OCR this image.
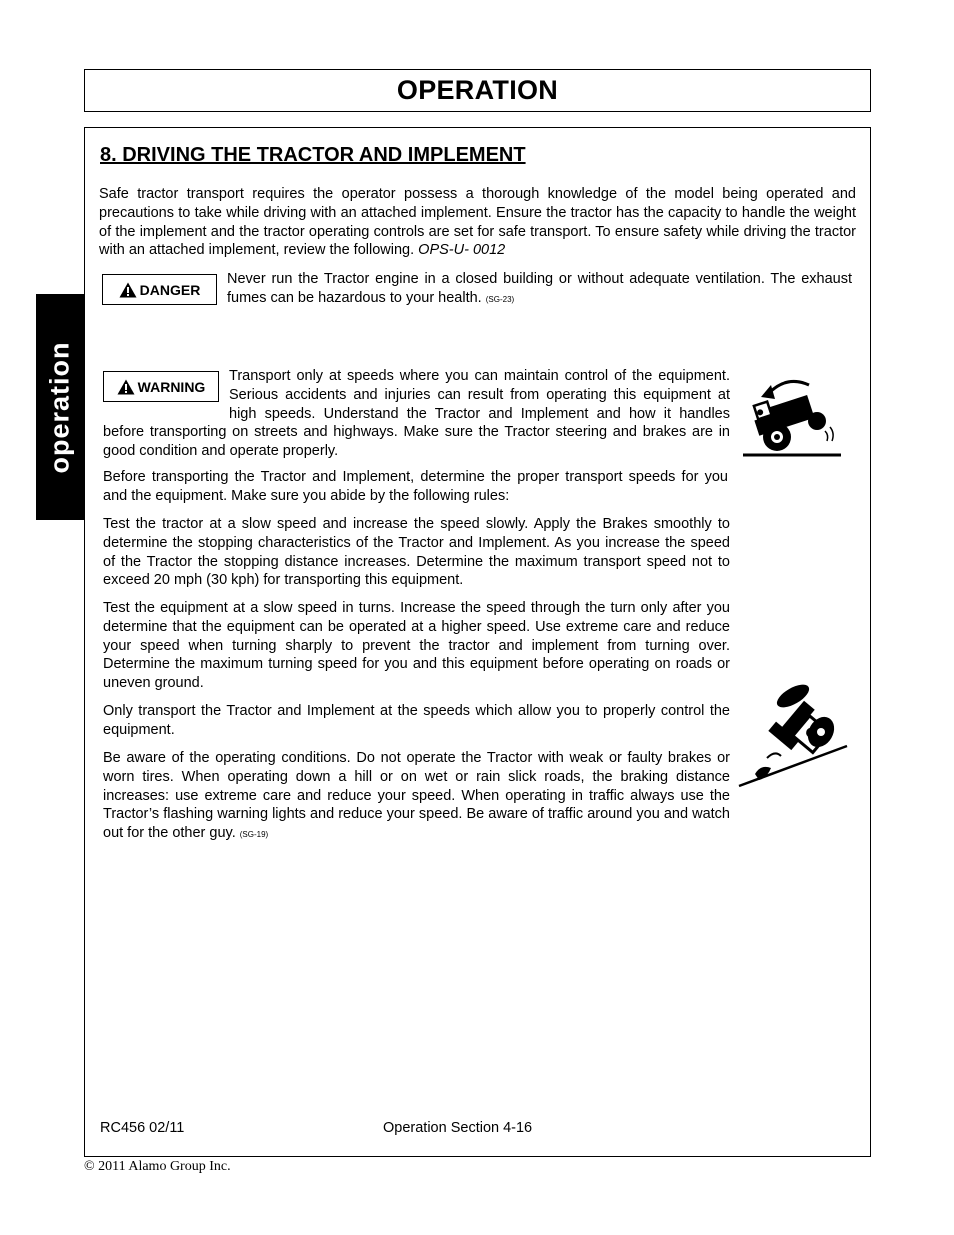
OPERATION
operation
8. DRIVING THE TRACTOR AND IMPLEMENT
Safe tractor transport requires the operator possess a thorough knowledge of the model being operated and precautions to take while driving with an attached implement. Ensure the tractor has the capacity to handle the weight of the implement and the tractor operating controls are set for safe transport. To ensure safety while driving the tractor with an attached implement, review the following. OPS-U- 0012
DANGER
Never run the Tractor engine in a closed building or without adequate ventilation. The exhaust fumes can be hazardous to your health. (SG-23)
WARNING
Transport only at speeds where you can maintain control of the equipment. Serious accidents and injuries can result from operating this equipment at high speeds. Understand the Tractor and Implement and how it handles before transporting on streets and highways. Make sure the Tractor steering and brakes are in good condition and operate properly.
Before transporting the Tractor and Implement, determine the proper transport speeds for you and the equipment. Make sure you abide by the following rules:
Test the tractor at a slow speed and increase the speed slowly. Apply the Brakes smoothly to determine the stopping characteristics of the Tractor and Implement. As you increase the speed of the Tractor the stopping distance increases. Determine the maximum transport speed not to exceed 20 mph (30 kph) for transporting this equipment.
Test the equipment at a slow speed in turns. Increase the speed through the turn only after you determine that the equipment can be operated at a higher speed. Use extreme care and reduce your speed when turning sharply to prevent the tractor and implement from turning over. Determine the maximum turning speed for you and this equipment before operating on roads or uneven ground.
Only transport the Tractor and Implement at the speeds which allow you to properly control the equipment.
Be aware of the operating conditions. Do not operate the Tractor with weak or faulty brakes or worn tires. When operating down a hill or on wet or rain slick roads, the braking distance increases: use extreme care and reduce your speed. When operating in traffic always use the Tractor’s flashing warning lights and reduce your speed. Be aware of traffic around you and watch out for the other guy. (SG-19)
RC456 02/11	Operation Section 4-16
© 2011 Alamo Group Inc.
